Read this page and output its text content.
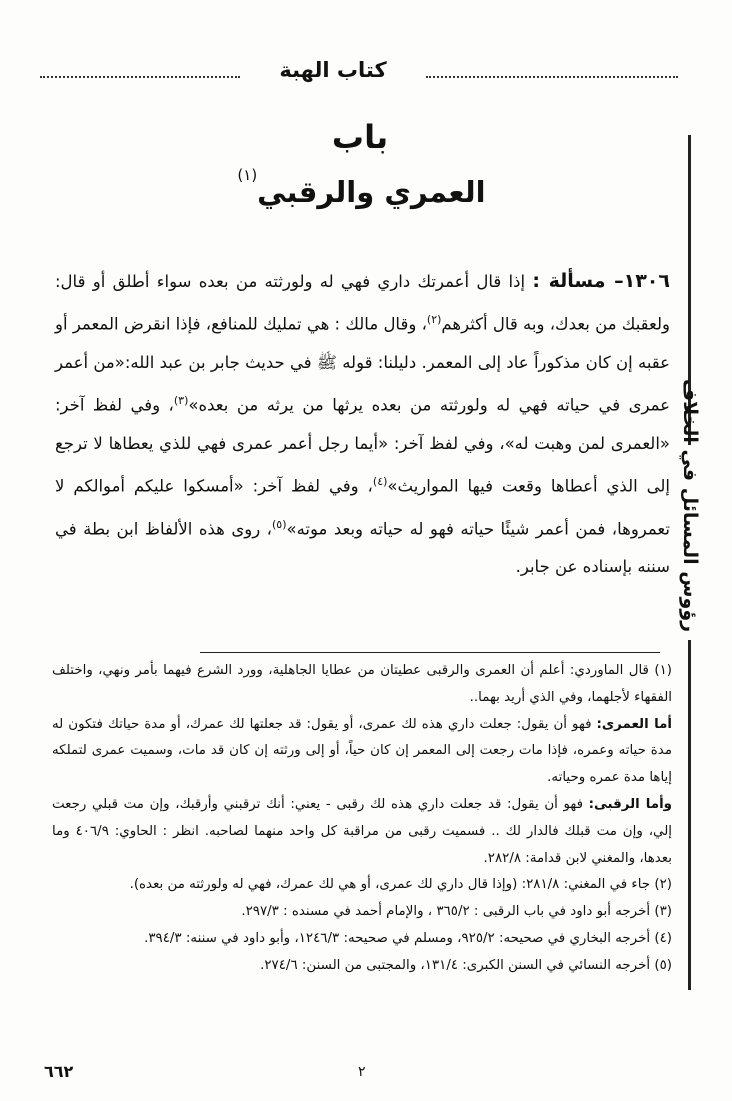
كتاب الهبة
رؤوس المسائل في الخلاف
باب
العمري والرقبي$^{(١)}$

١٣٠٦– مسألة : إذا قال أعمرتك داري فهي له ولورثته من بعده سواء أطلق أو قال: ولعقبك من بعدك، وبه قال أكثرهم$^{(٢)}$، وقال مالك : هي تمليك للمنافع، فإذا انقرض المعمر أو عقبه إن كان مذكوراً عاد إلى المعمر. دليلنا: قوله ﷺ في حديث جابر بن عبد الله:«من أعمر عمرى في حياته فهي له ولورثته من بعده يرثها من يرثه من بعده»$^{(٣)}$، وفي لفظ آخر: «العمرى لمن وهبت له»، وفي لفظ آخر: «أيما رجل أعمر عمرى فهي للذي يعطاها لا ترجع إلى الذي أعطاها وقعت فيها المواريث»$^{(٤)}$، وفي لفظ آخر: «أمسكوا عليكم أموالكم لا تعمروها، فمن أعمر شيئًا حياته فهو له حياته وبعد موته»$^{(٥)}$، روى هذه الألفاظ ابن بطة في سننه بإسناده عن جابر.

(١) قال الماوردي: أعلم أن العمرى والرقبى عطيتان من عطايا الجاهلية، وورد الشرع فيهما بأمر ونهي، واختلف الفقهاء لأجلهما، وفي الذي أريد بهما..

أما العمرى: فهو أن يقول: جعلت داري هذه لك عمرى، أو يقول: قد جعلتها لك عمرك، أو مدة حياتك فتكون له مدة حياته وعمره، فإذا مات رجعت إلى المعمر إن كان حياً، أو إلى ورثته إن كان قد مات، وسميت عمرى لتملكه إياها مدة عمره وحياته.

وأما الرقبى: فهو أن يقول: قد جعلت داري هذه لك رقبى - يعني: أنك ترقبني وأرقبك، وإن مت قبلي رجعت إلي، وإن مت قبلك فالدار لك .. فسميت رقبى من مراقبة كل واحد منهما لصاحبه. انظر : الحاوي: ٤٠٦/٩ وما بعدها، والمغني لابن قدامة: ٢٨٢/٨.

(٢) جاء في المغني: ٢٨١/٨: (وإذا قال داري لك عمرى، أو هي لك عمرك، فهي له ولورثته من بعده).

(٣) أخرجه أبو داود في باب الرقبى : ٣٦٥/٢ ، والإمام أحمد في مسنده : ٢٩٧/٣.

(٤) أخرجه البخاري في صحيحه: ٩٢٥/٢، ومسلم في صحيحه: ١٢٤٦/٣، وأبو داود في سننه: ٣٩٤/٣.

(٥) أخرجه النسائي في السنن الكبرى: ١٣١/٤، والمجتبى من السنن: ٢٧٤/٦.

٢
٦٦٢
